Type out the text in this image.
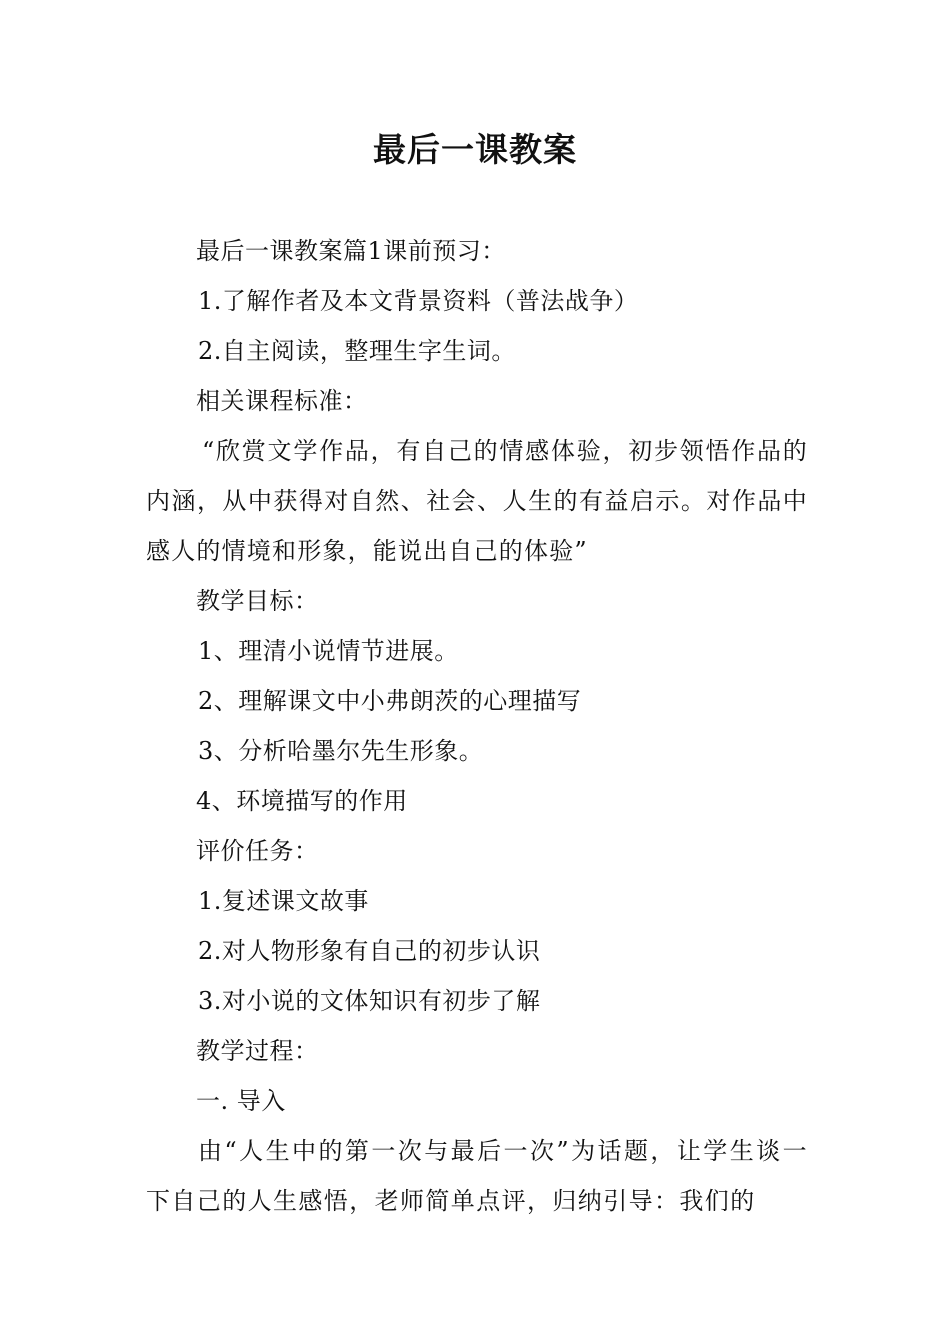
最后一课教案

最后一课教案篇1课前预习：

1.了解作者及本文背景资料（普法战争）

2.自主阅读，整理生字生词。

相关课程标准：

“欣赏文学作品，有自己的情感体验，初步领悟作品的内涵，从中获得对自然、社会、人生的有益启示。对作品中感人的情境和形象，能说出自己的体验”

教学目标：

1、理清小说情节进展。

2、理解课文中小弗朗茨的心理描写

3、分析哈墨尔先生形象。

4、环境描写的作用

评价任务：

1.复述课文故事

2.对人物形象有自己的初步认识

3.对小说的文体知识有初步了解

教学过程：

一. 导入

由“人生中的第一次与最后一次”为话题，让学生谈一下自己的人生感悟，老师简单点评，归纳引导：我们的
